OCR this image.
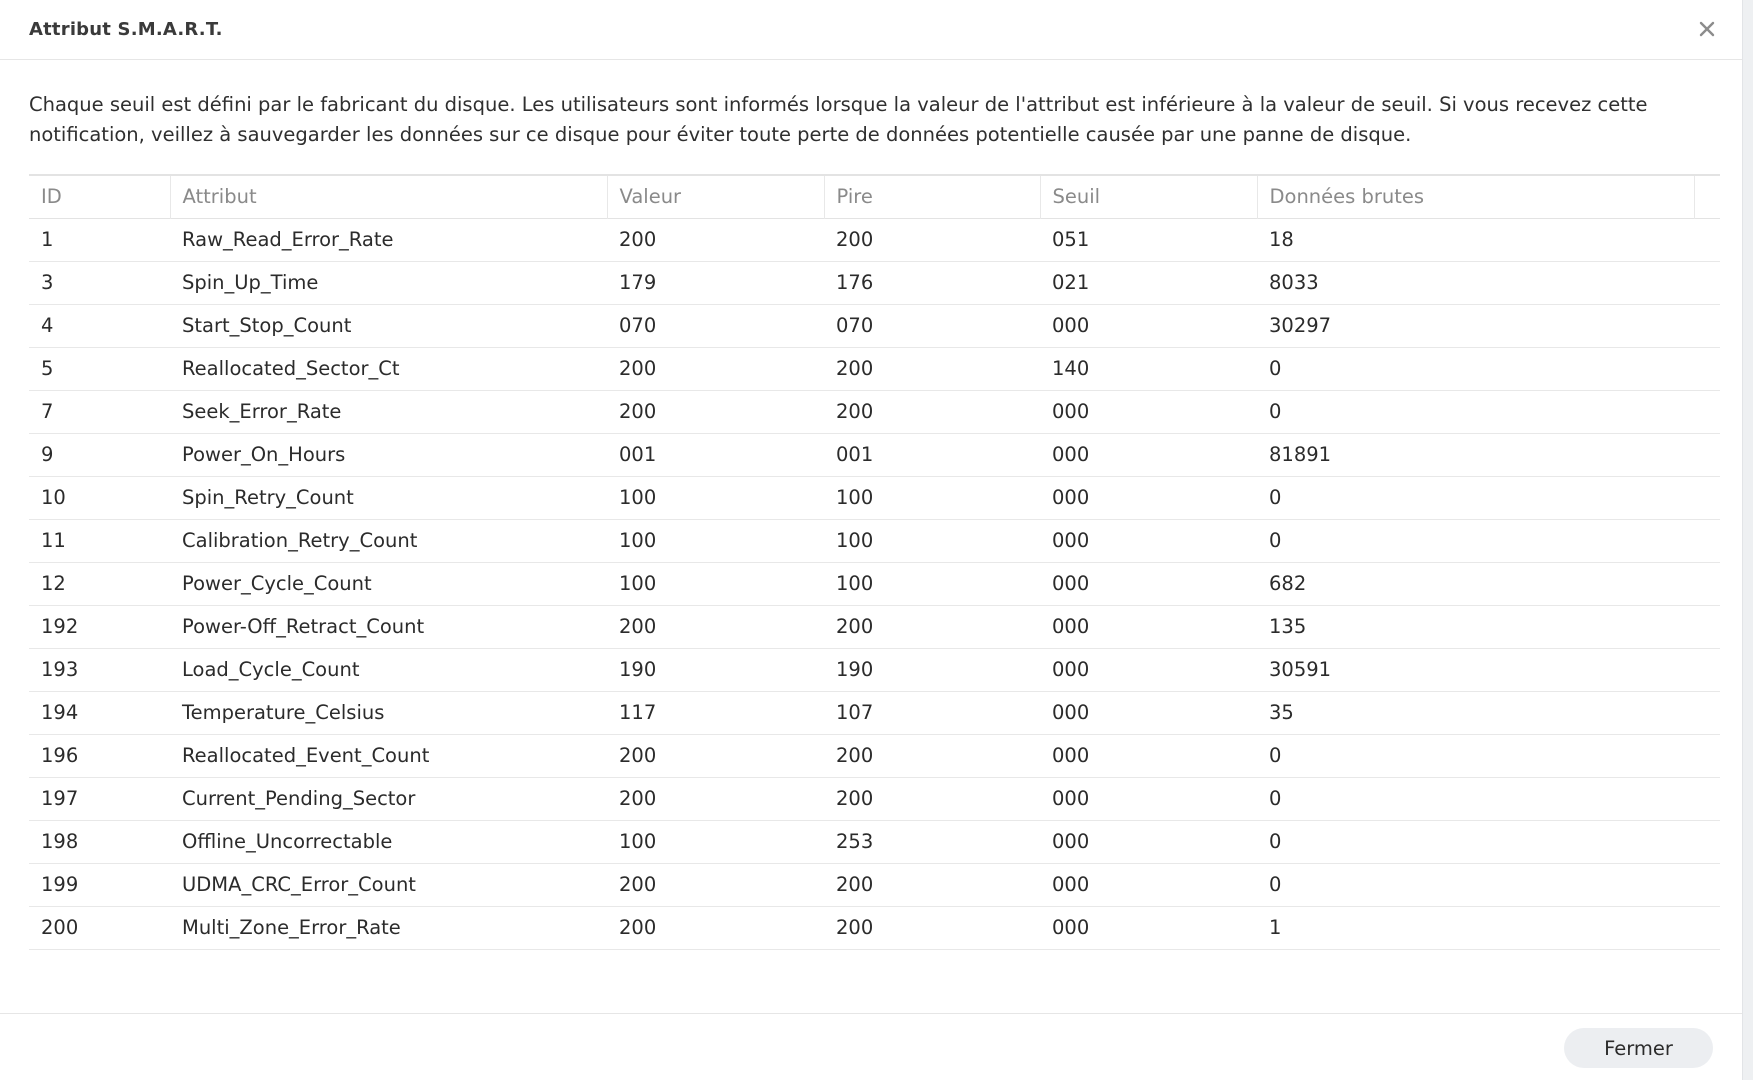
Attribut S.M.A.R.T.
Chaque seuil est défini par le fabricant du disque. Les utilisateurs sont informés lorsque la valeur de l'attribut est inférieure à la valeur de seuil. Si vous recevez cette notification, veillez à sauvegarder les données sur ce disque pour éviter toute perte de données potentielle causée par une panne de disque.
ID	Attribut	Valeur	Pire	Seuil	Données brutes	
1	Raw_Read_Error_Rate	200	200	051	18	
3	Spin_Up_Time	179	176	021	8033	
4	Start_Stop_Count	070	070	000	30297	
5	Reallocated_Sector_Ct	200	200	140	0	
7	Seek_Error_Rate	200	200	000	0	
9	Power_On_Hours	001	001	000	81891	
10	Spin_Retry_Count	100	100	000	0	
11	Calibration_Retry_Count	100	100	000	0	
12	Power_Cycle_Count	100	100	000	682	
192	Power-Off_Retract_Count	200	200	000	135	
193	Load_Cycle_Count	190	190	000	30591	
194	Temperature_Celsius	117	107	000	35	
196	Reallocated_Event_Count	200	200	000	0	
197	Current_Pending_Sector	200	200	000	0	
198	Offline_Uncorrectable	100	253	000	0	
199	UDMA_CRC_Error_Count	200	200	000	0	
200	Multi_Zone_Error_Rate	200	200	000	1	
Fermer
